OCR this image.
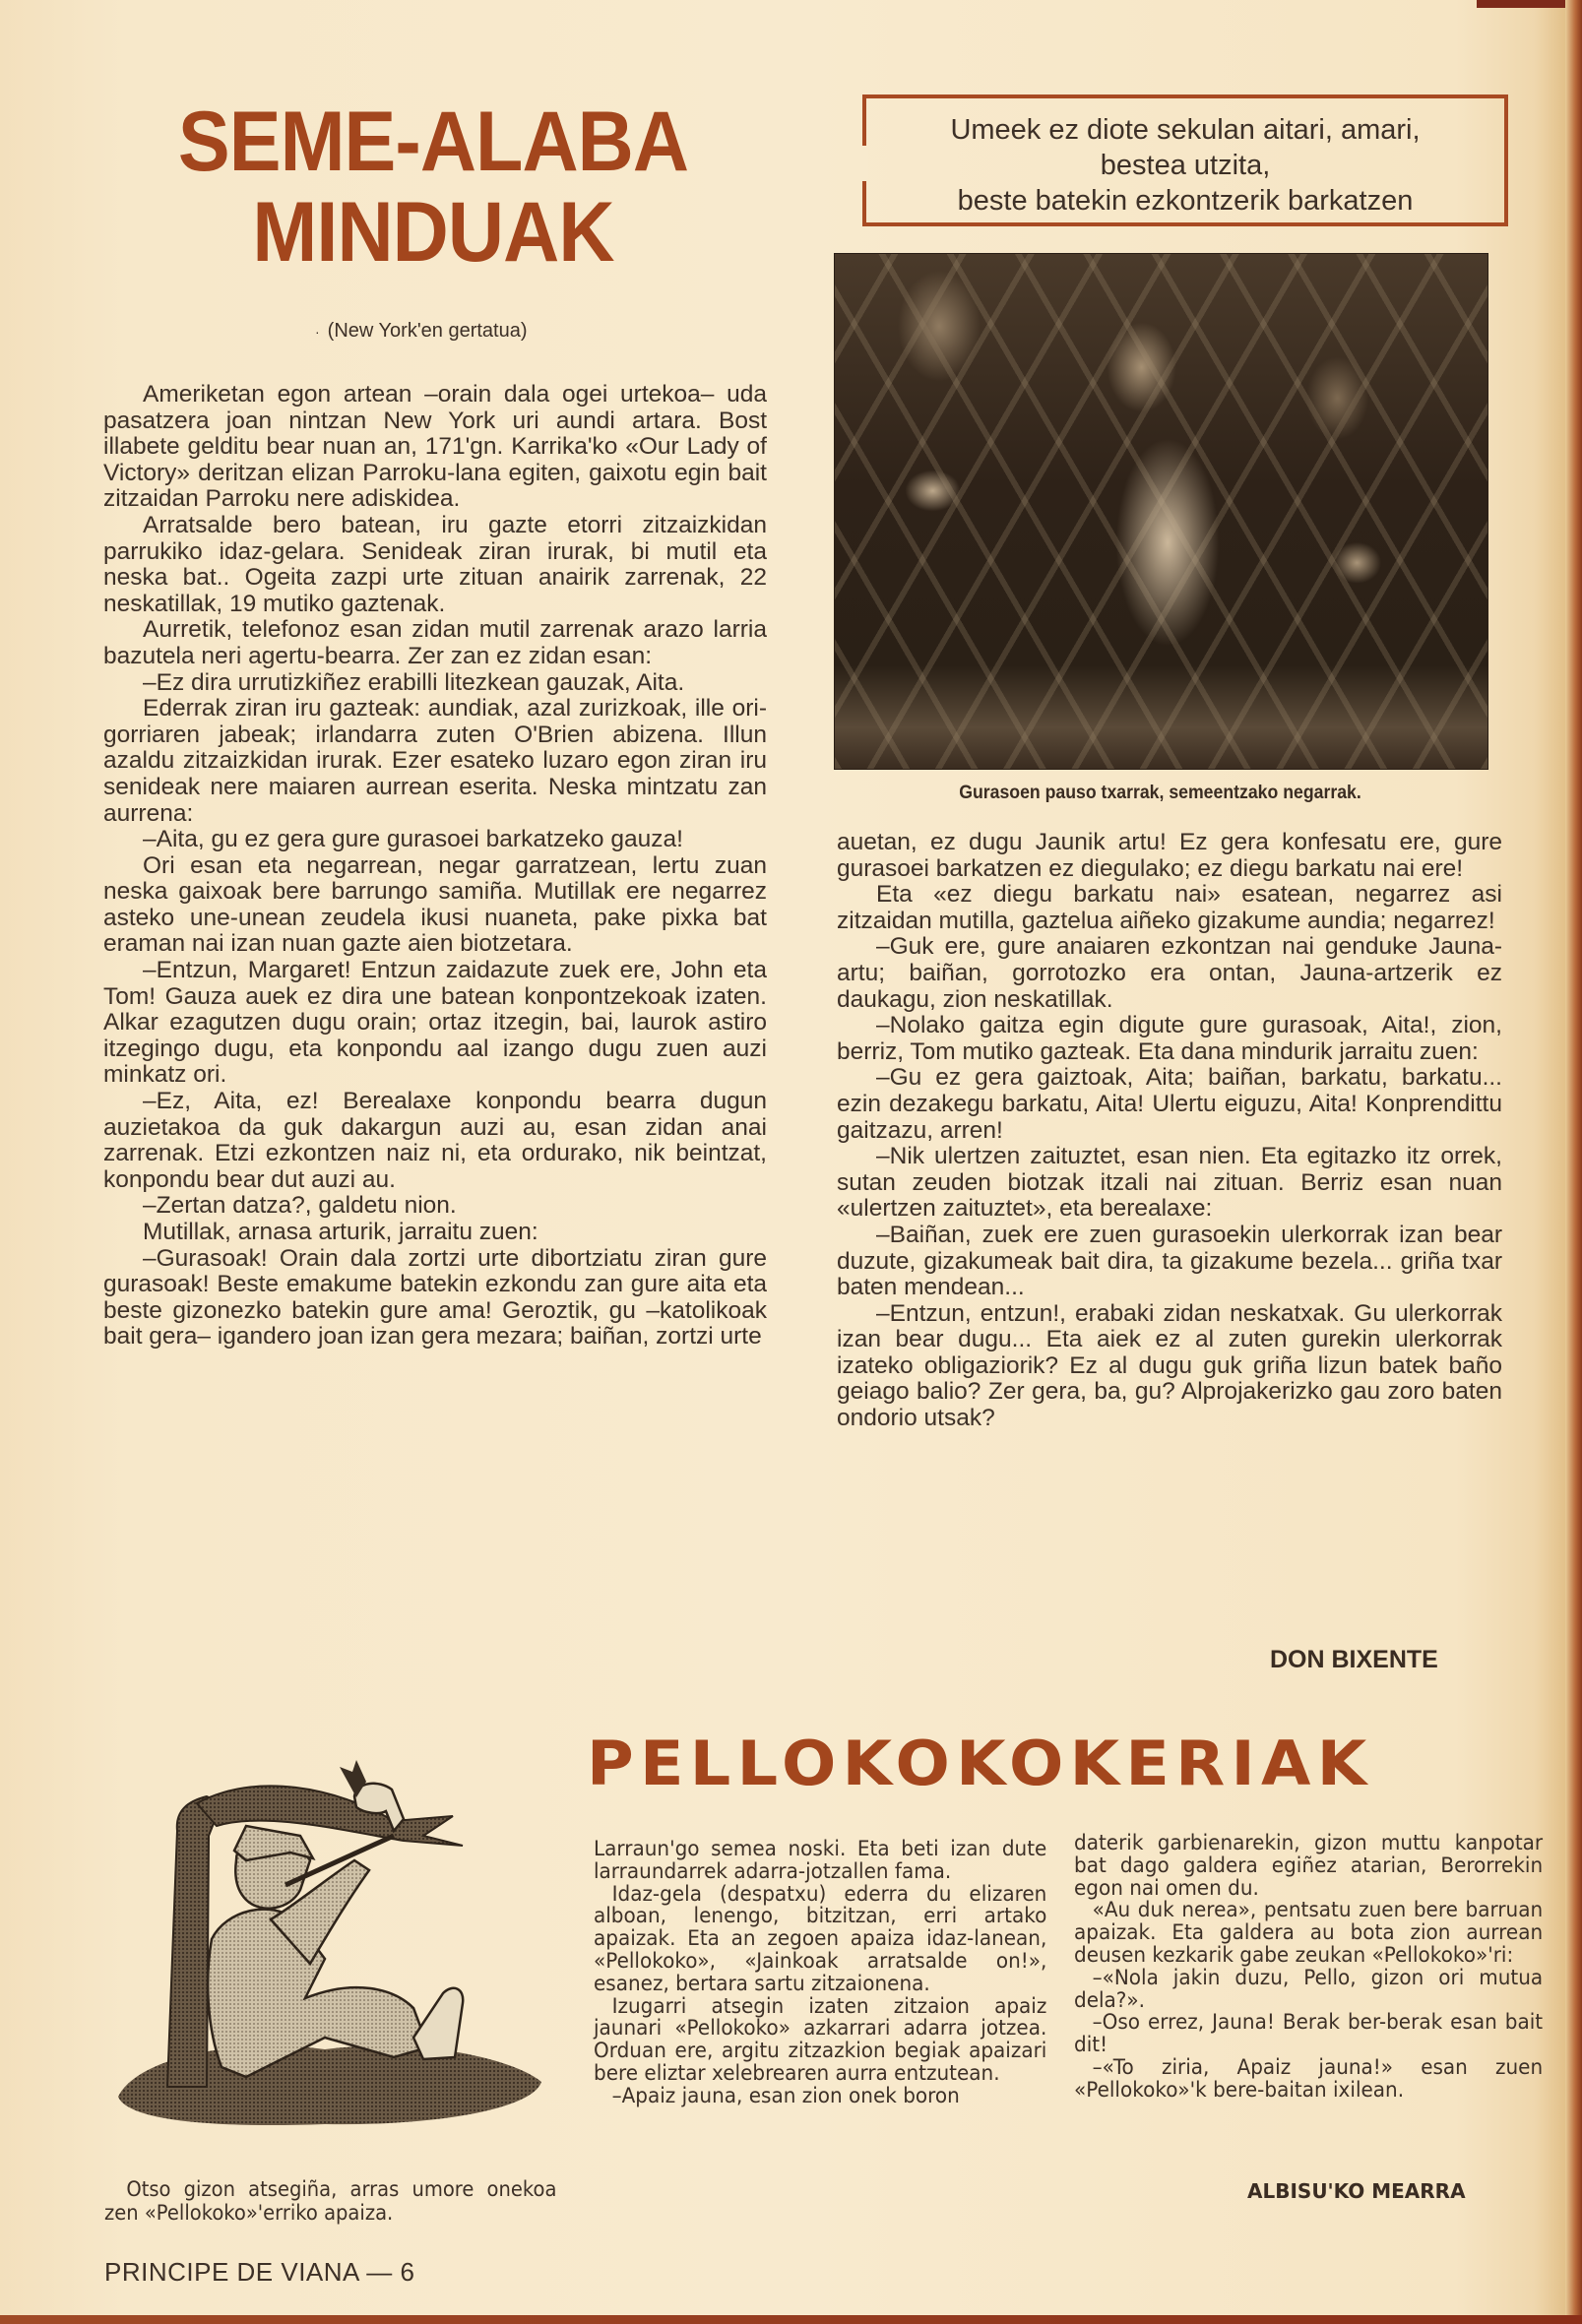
SEME-ALABA
MINDUAK
· (New York'en gertatua)
Umeek ez diote sekulan aitari, amari,
bestea utzita,
beste batekin ezkontzerik barkatzen
Gurasoen pauso txarrak, semeentzako negarrak.

Ameriketan egon artean –orain dala ogei urtekoa– uda pasatzera joan nintzan New York uri aundi artara. Bost illabete gelditu bear nuan an, 171'gn. Karrika'ko «Our Lady of Victory» deritzan elizan Parroku-lana egiten, gaixotu egin bait zitzaidan Parroku nere adiskidea.

Arratsalde bero batean, iru gazte etorri zitzaizkidan parrukiko idaz-gelara. Senideak ziran irurak, bi mutil eta neska bat.. Ogeita zazpi urte zituan anairik zarrenak, 22 neskatillak, 19 mutiko gaztenak.

Aurretik, telefonoz esan zidan mutil zarrenak arazo larria bazutela neri agertu-bearra. Zer zan ez zidan esan:

–Ez dira urrutizkiñez erabilli litezkean gauzak, Aita.

Ederrak ziran iru gazteak: aundiak, azal zurizkoak, ille ori-gorriaren jabeak; irlandarra zuten O'Brien abizena. Illun azaldu zitzaizkidan irurak. Ezer esateko luzaro egon ziran iru senideak nere maiaren aurrean eserita. Neska mintzatu zan aurrena:

–Aita, gu ez gera gure gurasoei barkatzeko gauza!

Ori esan eta negarrean, negar garratzean, lertu zuan neska gaixoak bere barrungo samiña. Mutillak ere negarrez asteko une-unean zeudela ikusi nuaneta, pake pixka bat eraman nai izan nuan gazte aien biotzetara.

–Entzun, Margaret! Entzun zaidazute zuek ere, John eta Tom! Gauza auek ez dira une batean konpontzekoak izaten. Alkar ezagutzen dugu orain; ortaz itzegin, bai, laurok astiro itzegingo dugu, eta konpondu aal izango dugu zuen auzi minkatz ori.

–Ez, Aita, ez! Berealaxe konpondu bearra dugun auzietakoa da guk dakargun auzi au, esan zidan anai zarrenak. Etzi ezkontzen naiz ni, eta ordurako, nik beintzat, konpondu bear dut auzi au.

–Zertan datza?, galdetu nion.

Mutillak, arnasa arturik, jarraitu zuen:

–Gurasoak! Orain dala zortzi urte dibortziatu ziran gure gurasoak! Beste emakume batekin ezkondu zan gure aita eta beste gizonezko batekin gure ama! Geroztik, gu –katolikoak bait gera– igandero joan izan gera mezara; baiñan, zortzi urte

auetan, ez dugu Jaunik artu! Ez gera konfesatu ere, gure gurasoei barkatzen ez diegulako; ez diegu barkatu nai ere!

Eta «ez diegu barkatu nai» esatean, negarrez asi zitzaidan mutilla, gaztelua aiñeko gizakume aundia; negarrez!

–Guk ere, gure anaiaren ezkontzan nai genduke Jauna-artu; baiñan, gorrotozko era ontan, Jauna-artzerik ez daukagu, zion neskatillak.

–Nolako gaitza egin digute gure gurasoak, Aita!, zion, berriz, Tom mutiko gazteak. Eta dana mindurik jarraitu zuen:

–Gu ez gera gaiztoak, Aita; baiñan, barkatu, barkatu... ezin dezakegu barkatu, Aita! Ulertu eiguzu, Aita! Konprendittu gaitzazu, arren!

–Nik ulertzen zaituztet, esan nien. Eta egitazko itz orrek, sutan zeuden biotzak itzali nai zituan. Berriz esan nuan «ulertzen zaituztet», eta berealaxe:

–Baiñan, zuek ere zuen gurasoekin ulerkorrak izan bear duzute, gizakumeak bait dira, ta gizakume bezela... griña txar baten mendean...

–Entzun, entzun!, erabaki zidan neskatxak. Gu ulerkorrak izan bear dugu... Eta aiek ez al zuten gurekin ulerkorrak izateko obligaziorik? Ez al dugu guk griña lizun batek baño geiago balio? Zer gera, ba, gu? Alprojakerizko gau zoro baten ondorio utsak?

DON BIXENTE

Otso gizon atsegiña, arras umore onekoa zen «Pellokoko»'erriko apaiza.

PELLOKOKOKERIAK

Larraun'go semea noski. Eta beti izan dute larraundarrek adarra-jotzallen fama.

Idaz-gela (despatxu) ederra du elizaren alboan, lenengo, bitzitzan, erri artako apaizak. Eta an zegoen apaiza idaz-lanean, «Pellokoko», «Jainkoak arratsalde on!», esanez, bertara sartu zitzaionena.

Izugarri atsegin izaten zitzaion apaiz jaunari «Pellokoko» azkarrari adarra jotzea. Orduan ere, argitu zitzazkion begiak apaizari bere eliztar xelebrearen aurra entzutean.

–Apaiz jauna, esan zion onek boron

daterik garbienarekin, gizon muttu kanpotar bat dago galdera egiñez atarian, Berorrekin egon nai omen du.

«Au duk nerea», pentsatu zuen bere barruan apaizak. Eta galdera au bota zion aurrean deusen kezkarik gabe zeukan «Pellokoko»'ri:

–«Nola jakin duzu, Pello, gizon ori mutua dela?».

–Oso errez, Jauna! Berak ber-berak esan bait dit!

–«To ziria, Apaiz jauna!» esan zuen «Pellokoko»'k bere-baitan ixilean.

ALBISU'KO MEARRA
PRINCIPE DE VIANA — 6
